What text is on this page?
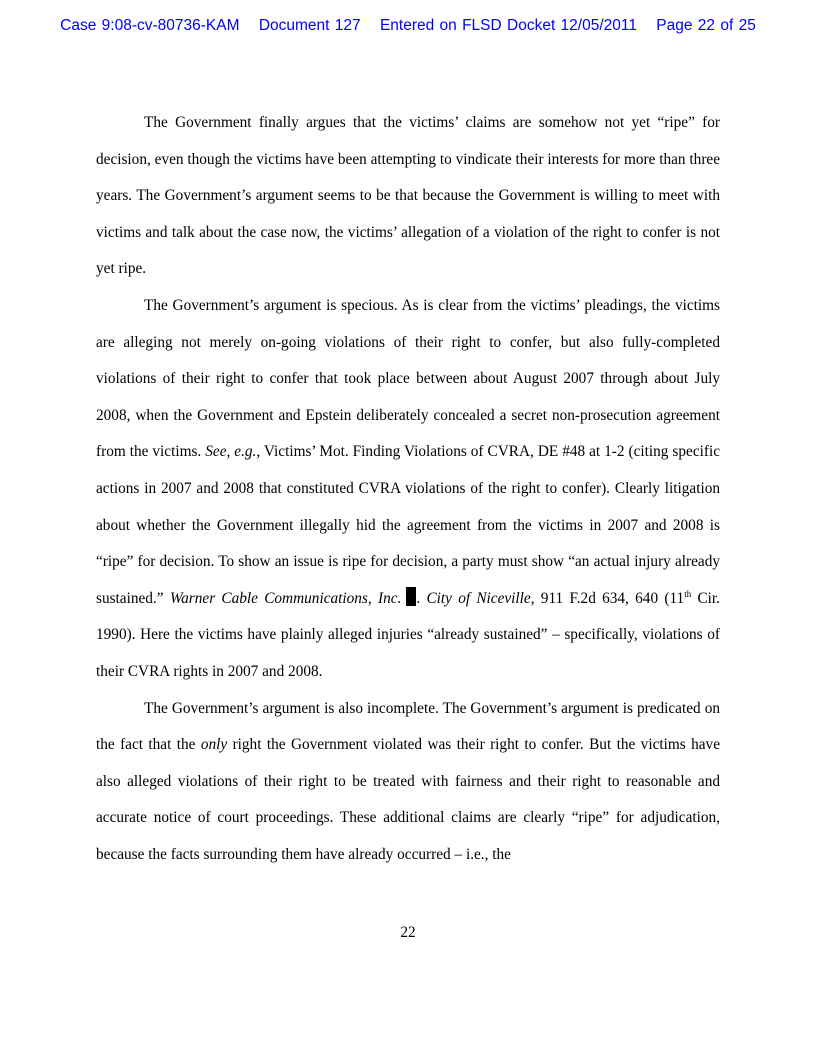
Case 9:08-cv-80736-KAM Document 127 Entered on FLSD Docket 12/05/2011 Page 22 of 25

The Government finally argues that the victims’ claims are somehow not yet “ripe” for decision, even though the victims have been attempting to vindicate their interests for more than three years. The Government’s argument seems to be that because the Government is willing to meet with victims and talk about the case now, the victims’ allegation of a violation of the right to confer is not yet ripe.

The Government’s argument is specious. As is clear from the victims’ pleadings, the victims are alleging not merely on-going violations of their right to confer, but also fully-completed violations of their right to confer that took place between about August 2007 through about July 2008, when the Government and Epstein deliberately concealed a secret non-prosecution agreement from the victims. See, e.g., Victims’ Mot. Finding Violations of CVRA, DE #48 at 1-2 (citing specific actions in 2007 and 2008 that constituted CVRA violations of the right to confer). Clearly litigation about whether the Government illegally hid the agreement from the victims in 2007 and 2008 is “ripe” for decision. To show an issue is ripe for decision, a party must show “an actual injury already sustained.” Warner Cable Communications, Inc. . City of Niceville, 911 F.2d 634, 640 (11th Cir. 1990). Here the victims have plainly alleged injuries “already sustained” – specifically, violations of their CVRA rights in 2007 and 2008.

The Government’s argument is also incomplete. The Government’s argument is predicated on the fact that the only right the Government violated was their right to confer. But the victims have also alleged violations of their right to be treated with fairness and their right to reasonable and accurate notice of court proceedings. These additional claims are clearly “ripe” for adjudication, because the facts surrounding them have already occurred – i.e., the

22
